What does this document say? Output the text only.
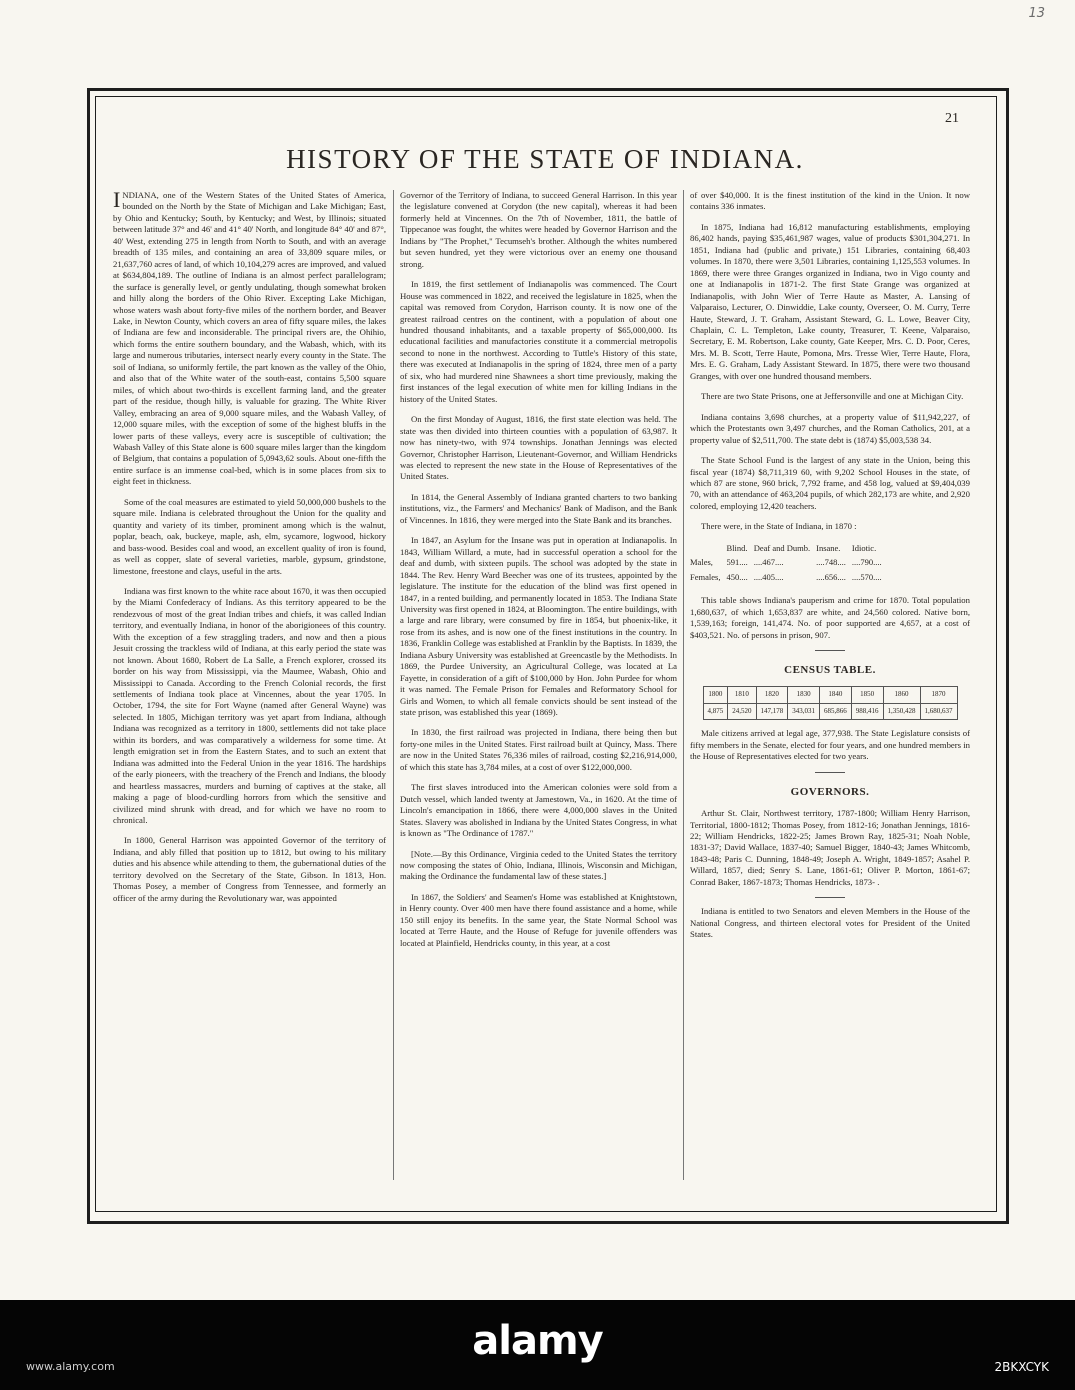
13
21
HISTORY OF THE STATE OF INDIANA.

INDIANA, one of the Western States of the United States of America, bounded on the North by the State of Michigan and Lake Michigan; East, by Ohio and Kentucky; South, by Kentucky; and West, by Illinois; situated between latitude 37° and 46' and 41° 40' North, and longitude 84° 40' and 87°, 40' West, extending 275 in length from North to South, and with an average breadth of 135 miles, and containing an area of 33,809 square miles, or 21,637,760 acres of land, of which 10,104,279 acres are improved, and valued at $634,804,189. The outline of Indiana is an almost perfect parallelogram; the surface is generally level, or gently undulating, though somewhat broken and hilly along the borders of the Ohio River. Excepting Lake Michigan, whose waters wash about forty-five miles of the northern border, and Beaver Lake, in Newton County, which covers an area of fifty square miles, the lakes of Indiana are few and inconsiderable. The principal rivers are, the Ohihio, which forms the entire southern boundary, and the Wabash, which, with its large and numerous tributaries, intersect nearly every county in the State. The soil of Indiana, so uniformly fertile, the part known as the valley of the Ohio, and also that of the White water of the south-east, contains 5,500 square miles, of which about two-thirds is excellent farming land, and the greater part of the residue, though hilly, is valuable for grazing. The White River Valley, embracing an area of 9,000 square miles, and the Wabash Valley, of 12,000 square miles, with the exception of some of the highest bluffs in the lower parts of these valleys, every acre is susceptible of cultivation; the Wabash Valley of this State alone is 600 square miles larger than the kingdom of Belgium, that contains a population of 5,0943,62 souls. About one-fifth the entire surface is an immense coal-bed, which is in some places from six to eight feet in thickness.

Some of the coal measures are estimated to yield 50,000,000 bushels to the square mile. Indiana is celebrated throughout the Union for the quality and quantity and variety of its timber, prominent among which is the walnut, poplar, beach, oak, buckeye, maple, ash, elm, sycamore, logwood, hickory and bass-wood. Besides coal and wood, an excellent quality of iron is found, as well as copper, slate of several varieties, marble, gypsum, grindstone, limestone, freestone and clays, useful in the arts.

Indiana was first known to the white race about 1670, it was then occupied by the Miami Confederacy of Indians. As this territory appeared to be the rendezvous of most of the great Indian tribes and chiefs, it was called Indian territory, and eventually Indiana, in honor of the aborigionees of this country. With the exception of a few straggling traders, and now and then a pious Jesuit crossing the trackless wild of Indiana, at this early period the state was not known. About 1680, Robert de La Salle, a French explorer, crossed its border on his way from Mississippi, via the Maumee, Wabash, Ohio and Mississippi to Canada. According to the French Colonial records, the first settlements of Indiana took place at Vincennes, about the year 1705. In October, 1794, the site for Fort Wayne (named after General Wayne) was selected. In 1805, Michigan territory was yet apart from Indiana, although Indiana was recognized as a territory in 1800, settlements did not take place within its borders, and was comparatively a wilderness for some time. At length emigration set in from the Eastern States, and to such an extent that Indiana was admitted into the Federal Union in the year 1816. The hardships of the early pioneers, with the treachery of the French and Indians, the bloody and heartless massacres, murders and burning of captives at the stake, all making a page of blood-curdling horrors from which the sensitive and civilized mind shrunk with dread, and for which we have no room to chronical.

In 1800, General Harrison was appointed Governor of the territory of Indiana, and ably filled that position up to 1812, but owing to his military duties and his absence while attending to them, the gubernational duties of the territory devolved on the Secretary of the State, Gibson. In 1813, Hon. Thomas Posey, a member of Congress from Tennessee, and formerly an officer of the army during the Revolutionary war, was appointed

Governor of the Territory of Indiana, to succeed General Harrison. In this year the legislature convened at Corydon (the new capital), whereas it had been formerly held at Vincennes. On the 7th of November, 1811, the battle of Tippecanoe was fought, the whites were headed by Governor Harrison and the Indians by "The Prophet," Tecumseh's brother. Although the whites numbered but seven hundred, yet they were victorious over an enemy one thousand strong.

In 1819, the first settlement of Indianapolis was commenced. The Court House was commenced in 1822, and received the legislature in 1825, when the capital was removed from Corydon, Harrison county. It is now one of the greatest railroad centres on the continent, with a population of about one hundred thousand inhabitants, and a taxable property of $65,000,000. Its educational facilities and manufactories constitute it a commercial metropolis second to none in the northwest. According to Tuttle's History of this state, there was executed at Indianapolis in the spring of 1824, three men of a party of six, who had murdered nine Shawnees a short time previously, making the first instances of the legal execution of white men for killing Indians in the history of the United States.

On the first Monday of August, 1816, the first state election was held. The state was then divided into thirteen counties with a population of 63,987. It now has ninety-two, with 974 townships. Jonathan Jennings was elected Governor, Christopher Harrison, Lieutenant-Governor, and William Hendricks was elected to represent the new state in the House of Representatives of the United States.

In 1814, the General Assembly of Indiana granted charters to two banking institutions, viz., the Farmers' and Mechanics' Bank of Madison, and the Bank of Vincennes. In 1816, they were merged into the State Bank and its branches.

In 1847, an Asylum for the Insane was put in operation at Indianapolis. In 1843, William Willard, a mute, had in successful operation a school for the deaf and dumb, with sixteen pupils. The school was adopted by the state in 1844. The Rev. Henry Ward Beecher was one of its trustees, appointed by the legislature. The institute for the education of the blind was first opened in 1847, in a rented building, and permanently located in 1853. The Indiana State University was first opened in 1824, at Bloomington. The entire buildings, with a large and rare library, were consumed by fire in 1854, but phoenix-like, it rose from its ashes, and is now one of the finest institutions in the country. In 1836, Franklin College was established at Franklin by the Baptists. In 1839, the Indiana Asbury University was established at Greencastle by the Methodists. In 1869, the Purdee University, an Agricultural College, was located at La Fayette, in consideration of a gift of $100,000 by Hon. John Purdee for whom it was named. The Female Prison for Females and Reformatory School for Girls and Women, to which all female convicts should be sent instead of the state prison, was established this year (1869).

In 1830, the first railroad was projected in Indiana, there being then but forty-one miles in the United States. First railroad built at Quincy, Mass. There are now in the United States 76,336 miles of railroad, costing $2,216,914,000, of which this state has 3,784 miles, at a cost of over $122,000,000.

The first slaves introduced into the American colonies were sold from a Dutch vessel, which landed twenty at Jamestown, Va., in 1620. At the time of Lincoln's emancipation in 1866, there were 4,000,000 slaves in the United States. Slavery was abolished in Indiana by the United States Congress, in what is known as "The Ordinance of 1787."

[Note.—By this Ordinance, Virginia ceded to the United States the territory now composing the states of Ohio, Indiana, Illinois, Wisconsin and Michigan, making the Ordinance the fundamental law of these states.]

In 1867, the Soldiers' and Seamen's Home was established at Knightstown, in Henry county. Over 400 men have there found assistance and a home, while 150 still enjoy its benefits. In the same year, the State Normal School was located at Terre Haute, and the House of Refuge for juvenile offenders was located at Plainfield, Hendricks county, in this year, at a cost

of over $40,000. It is the finest institution of the kind in the Union. It now contains 336 inmates.

In 1875, Indiana had 16,812 manufacturing establishments, employing 86,402 hands, paying $35,461,987 wages, value of products $301,304,271. In 1851, Indiana had (public and private,) 151 Libraries, containing 68,403 volumes. In 1870, there were 3,501 Libraries, containing 1,125,553 volumes. In 1869, there were three Granges organized in Indiana, two in Vigo county and one at Indianapolis in 1871-2. The first State Grange was organized at Indianapolis, with John Wier of Terre Haute as Master, A. Lansing of Valparaiso, Lecturer, O. Dinwiddie, Lake county, Overseer, O. M. Curry, Terre Haute, Steward, J. T. Graham, Assistant Steward, G. L. Lowe, Beaver City, Chaplain, C. L. Templeton, Lake county, Treasurer, T. Keene, Valparaiso, Secretary, E. M. Robertson, Lake county, Gate Keeper, Mrs. C. D. Poor, Ceres, Mrs. M. B. Scott, Terre Haute, Pomona, Mrs. Tresse Wier, Terre Haute, Flora, Mrs. E. G. Graham, Lady Assistant Steward. In 1875, there were two thousand Granges, with over one hundred thousand members.

There are two State Prisons, one at Jeffersonville and one at Michigan City.

Indiana contains 3,698 churches, at a property value of $11,942,227, of which the Protestants own 3,497 churches, and the Roman Catholics, 201, at a property value of $2,511,700. The state debt is (1874) $5,003,538 34.

The State School Fund is the largest of any state in the Union, being this fiscal year (1874) $8,711,319 60, with 9,202 School Houses in the state, of which 87 are stone, 960 brick, 7,792 frame, and 458 log, valued at $9,404,039 70, with an attendance of 463,204 pupils, of which 282,173 are white, and 2,920 colored, employing 12,420 teachers.

There were, in the State of Indiana, in 1870 :

	Blind.	Deaf and Dumb.	Insane.	Idiotic.
Males,	591....	....467....	....748....	....790....
Females,	450....	....405....	....656....	....570....

This table shows Indiana's pauperism and crime for 1870. Total population 1,680,637, of which 1,653,837 are white, and 24,560 colored. Native born, 1,539,163; foreign, 141,474. No. of poor supported are 4,657, at a cost of $403,521. No. of persons in prison, 907.

CENSUS TABLE.
1800	1810	1820	1830	1840	1850	1860	1870
4,875	24,520	147,178	343,031	685,866	988,416	1,350,428	1,680,637

Male citizens arrived at legal age, 377,938. The State Legislature consists of fifty members in the Senate, elected for four years, and one hundred members in the House of Representatives elected for two years.

GOVERNORS.

Arthur St. Clair, Northwest territory, 1787-1800; William Henry Harrison, Territorial, 1800-1812; Thomas Posey, from 1812-16; Jonathan Jennings, 1816-22; William Hendricks, 1822-25; James Brown Ray, 1825-31; Noah Noble, 1831-37; David Wallace, 1837-40; Samuel Bigger, 1840-43; James Whitcomb, 1843-48; Paris C. Dunning, 1848-49; Joseph A. Wright, 1849-1857; Asahel P. Willard, 1857, died; Senry S. Lane, 1861-61; Oliver P. Morton, 1861-67; Conrad Baker, 1867-1873; Thomas Hendricks, 1873- .

Indiana is entitled to two Senators and eleven Members in the House of the National Congress, and thirteen electoral votes for President of the United States.

alamy
www.alamy.com	2BKXCYK
